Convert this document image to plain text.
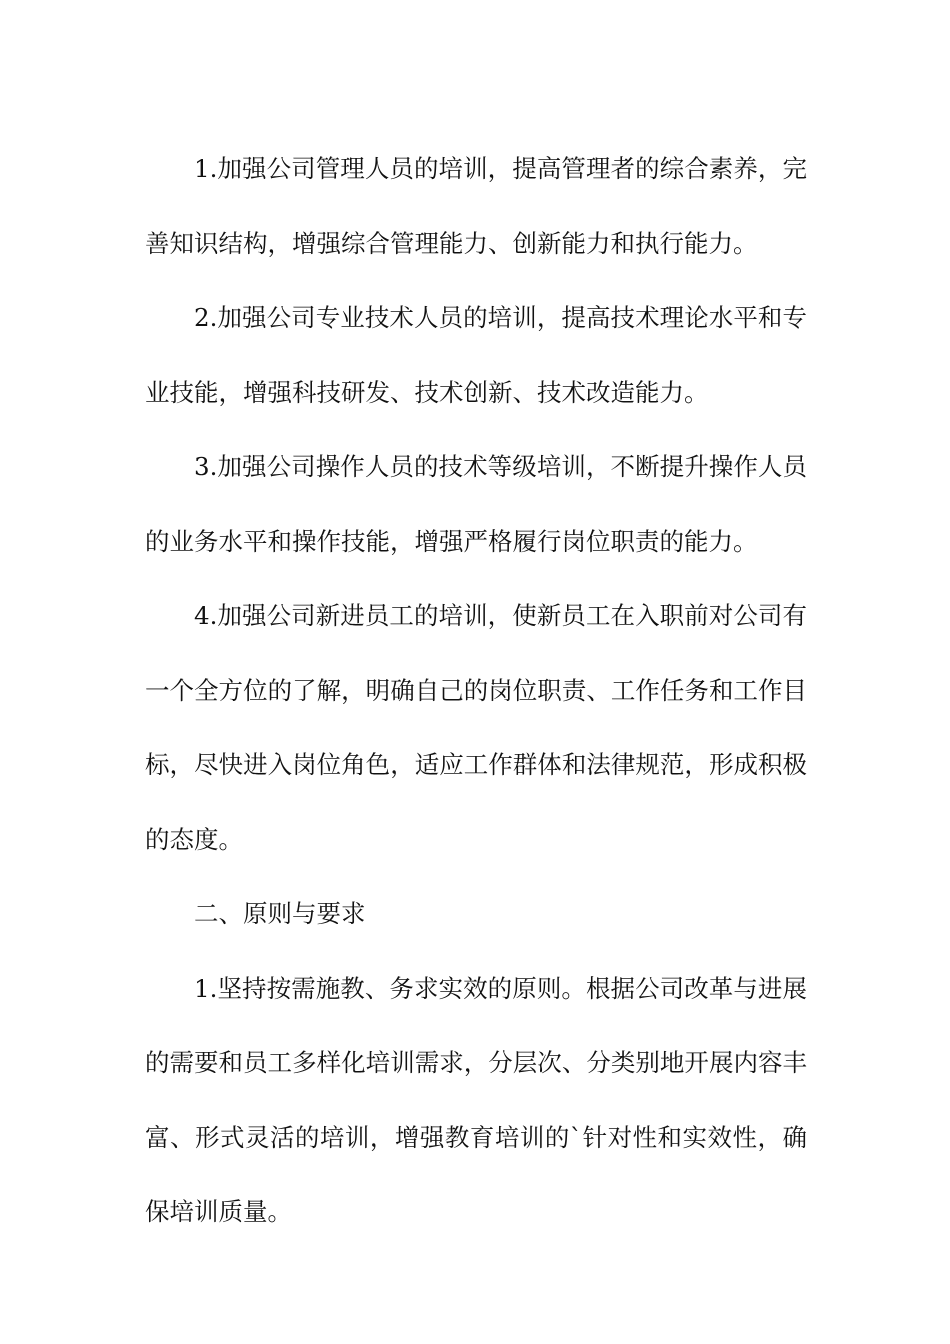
1.加强公司管理人员的培训，提高管理者的综合素养，完善知识结构，增强综合管理能力、创新能力和执行能力。

2.加强公司专业技术人员的培训，提高技术理论水平和专业技能，增强科技研发、技术创新、技术改造能力。

3.加强公司操作人员的技术等级培训，不断提升操作人员的业务水平和操作技能，增强严格履行岗位职责的能力。

4.加强公司新进员工的培训，使新员工在入职前对公司有一个全方位的了解，明确自己的岗位职责、工作任务和工作目标，尽快进入岗位角色，适应工作群体和法律规范，形成积极的态度。

二、原则与要求

1.坚持按需施教、务求实效的原则。根据公司改革与进展的需要和员工多样化培训需求，分层次、分类别地开展内容丰富、形式灵活的培训，增强教育培训的`针对性和实效性，确保培训质量。
